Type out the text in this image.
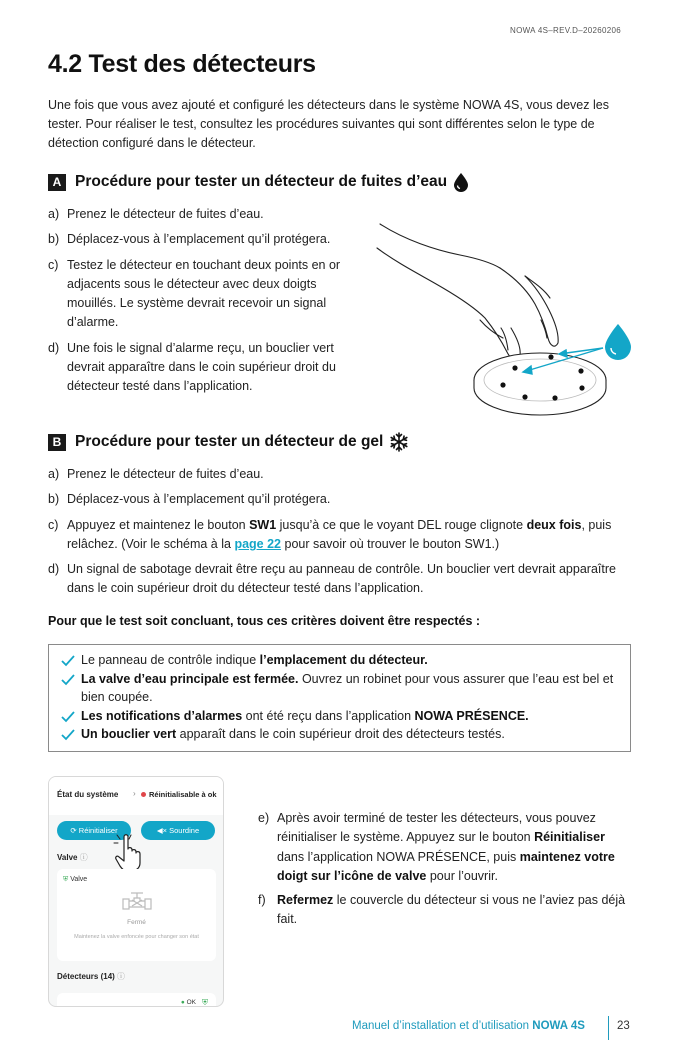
NOWA 4S–REV.D–20260206
4.2 Test des détecteurs

Une fois que vous avez ajouté et configuré les détecteurs dans le système NOWA 4S, vous devez les tester. Pour réaliser le test, consultez les procédures suivantes qui sont différentes selon le type de détection configuré dans le détecteur.

A Procédure pour tester un détecteur de fuites d’eau
a) Prenez le détecteur de fuites d’eau.
b) Déplacez-vous à l’emplacement qu’il protégera.
c) Testez le détecteur en touchant deux points en or adjacents sous le détecteur avec deux doigts mouillés. Le système devrait recevoir un signal d’alarme.
d) Une fois le signal d’alarme reçu, un bouclier vert devrait apparaître dans le coin supérieur droit du détecteur testé dans l’application.
B Procédure pour tester un détecteur de gel
a) Prenez le détecteur de fuites d’eau.
b) Déplacez-vous à l’emplacement qu’il protégera.
c) Appuyez et maintenez le bouton SW1 jusqu’à ce que le voyant DEL rouge clignote deux fois, puis relâchez. (Voir le schéma à la page 22 pour savoir où trouver le bouton SW1.)
d) Un signal de sabotage devrait être reçu au panneau de contrôle. Un bouclier vert devrait apparaître dans le coin supérieur droit du détecteur testé dans l’application.
Pour que le test soit concluant, tous ces critères doivent être respectés :
Le panneau de contrôle indique l’emplacement du détecteur.
La valve d’eau principale est fermée. Ouvrez un robinet pour vous assurer que l’eau est bel et bien coupée.
Les notifications d’alarmes ont été reçu dans l’application NOWA PRÉSENCE.
Un bouclier vert apparaît dans le coin supérieur droit des détecteurs testés.
État du système › Réinitialisable à ok
⟳ Réinitialiser	◀× Sourdine
Valve ⓘ
⛨ Valve
Fermé
Maintenez la valve enfoncée pour changer son état
Détecteurs (14) ⓘ
● OK ⛨
e) Après avoir terminé de tester les détecteurs, vous pouvez réinitialiser le système. Appuyez sur le bouton Réinitialiser dans l’application NOWA PRÉSENCE, puis maintenez votre doigt sur l’icône de valve pour l’ouvrir.
f) Refermez le couvercle du détecteur si vous ne l’aviez pas déjà fait.
Manuel d’installation et d’utilisation NOWA 4S	23
